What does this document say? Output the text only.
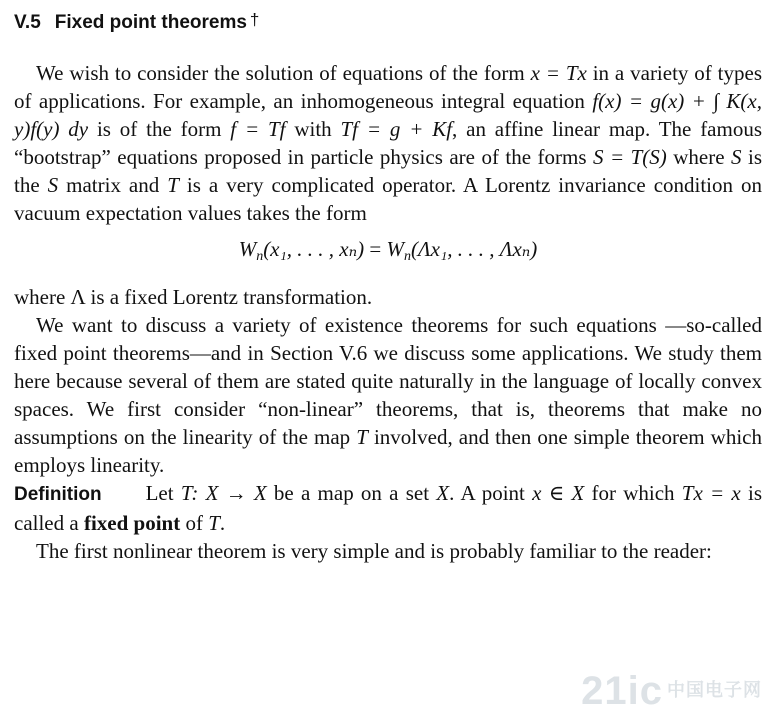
V.5 Fixed point theorems †

We wish to consider the solution of equations of the form x = Tx in a variety of types of applications. For example, an inhomogeneous integral equation f(x) = g(x) + ∫ K(x, y)f(y) dy is of the form f = Tf with Tf = g + Kf, an affine linear map. The famous “bootstrap” equations proposed in particle physics are of the forms S = T(S) where S is the S matrix and T is a very complicated operator. A Lorentz invariance condition on vacuum expectation values takes the form

$W_n(x_1$, . . . , $x_n) = W_n(\Lambda x_1$, . . . , Λxₙ)

where Λ is a fixed Lorentz transformation.

We want to discuss a variety of existence theorems for such equations —so-called fixed point theorems—and in Section V.6 we discuss some applications. We study them here because several of them are stated quite naturally in the language of locally convex spaces. We first consider “non-linear” theorems, that is, theorems that make no assumptions on the linearity of the map T involved, and then one simple theorem which employs linearity.

Definition Let T: X → X be a map on a set X. A point x ∈ X for which Tx = x is called a fixed point of T.

The first nonlinear theorem is very simple and is probably familiar to the reader:

21ic $^{中国电子网}$
